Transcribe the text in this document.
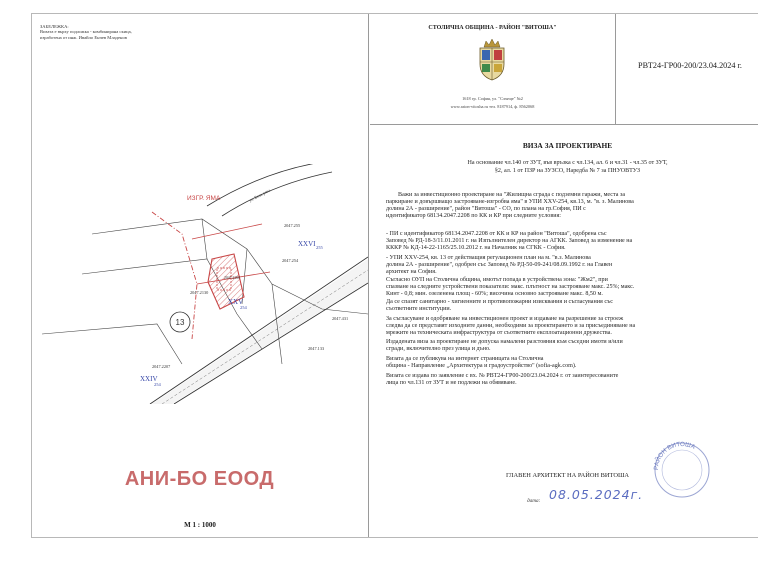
ЗАБЕЛЕЖКА:
Визата е върху подложка - комбинирана скица,
изработена от инж. Ивайло Енчев Младенов
13
ИЗГР. ЯМА	ул. Бяла ряка
XXVI 255
XXV
254
XXIV
254
2047.255
2047.254
2047.2130
2047.2208
2047.2207
2047.431
2047.133
АНИ-БО ЕООД
М 1 : 1000
СТОЛИЧНА ОБЩИНА - РАЙОН "ВИТОША"
1618 гр. София, ул. "Слънце" №2
www.raion-vitosha.ru тел. 8187914, ф. 8562068
РВТ24-ГР00-200/23.04.2024 г.
ВИЗА ЗА ПРОЕКТИРАНЕ
На основание чл.140 от ЗУТ, във връзка с чл.134, ал. 6 и чл.31 - чл.35 от ЗУТ,
§2, ал. 1 от ПЗР на ЗУЗСО, Наредба № 7 за ПНУОВТУЗ
Важи за инвестиционно проектиране на "Жилищна сграда с подземни гаражи, места за
паркиране и довършващо застрояване-изгробва яма" в УПИ XXV-254, кв.13, м. "в. з. Малинова
долина 2А - разширение", район "Витоша" - СО, по плана на гр.София, ПИ с
идентификатор 68134.2047.2208 по КК и КР при следните условия:
- ПИ с идентификатор 68134.2047.2208 от КК и КР на район "Витоша", одобрена със
Заповед № РД-18-3/11.01.2011 г. на Изпълнителен директор на АГКК. Заповед за изменение на
КККР № КД-14-22-1165/25.10.2012 г. на Началник на СГКК - София.
- УПИ XXV-254, кв. 13 от действащия регулационен план на м. "в.з. Малинова
долина 2А - разширение", одобрен със Заповед № РД-50-09-241/08.09.1992 г. на Главен
архитект на София.
Съгласно ОУП на Столична община, имотът попада в устройствена зона: "Жм2", при
спазване на следните устройствени показатели: макс. плътност на застрояване макс. 25%; макс.
Кинт - 0,8; мин. озеленена площ - 60%; височина основно застрояване макс. 8,50 м.
Да се спазят санитарно - хигиенните и противопожарни изисквания и съгласувания със
съответните институции.
За съгласуване и одобряване на инвестиционен проект и издаване на разрешение за строеж
следва да се представят изходните данни, необходими за проектирането и за присъединяване на
мрежите на техническата инфраструктура от съответните експлоатационни дружества.
Издадената виза за проектиране не допуска намалени разстояния към съседни имоти и/или
сгради, включително през улица и дъно.
Визата да се публикува на интернет страницата на Столична
община - Направление „Архитектура и градоустройство" (sofia-agk.com).
Визата се издава по заявление с вх. № РВТ24-ГР00-200/23.04.2024 г. от заинтересованите
лица по чл.131 от ЗУТ и не подлежи на обявяване.
РАЙОН ВИТОША
ГЛАВЕН АРХИТЕКТ НА РАЙОН ВИТОША
дата: 08.05.2024г.
